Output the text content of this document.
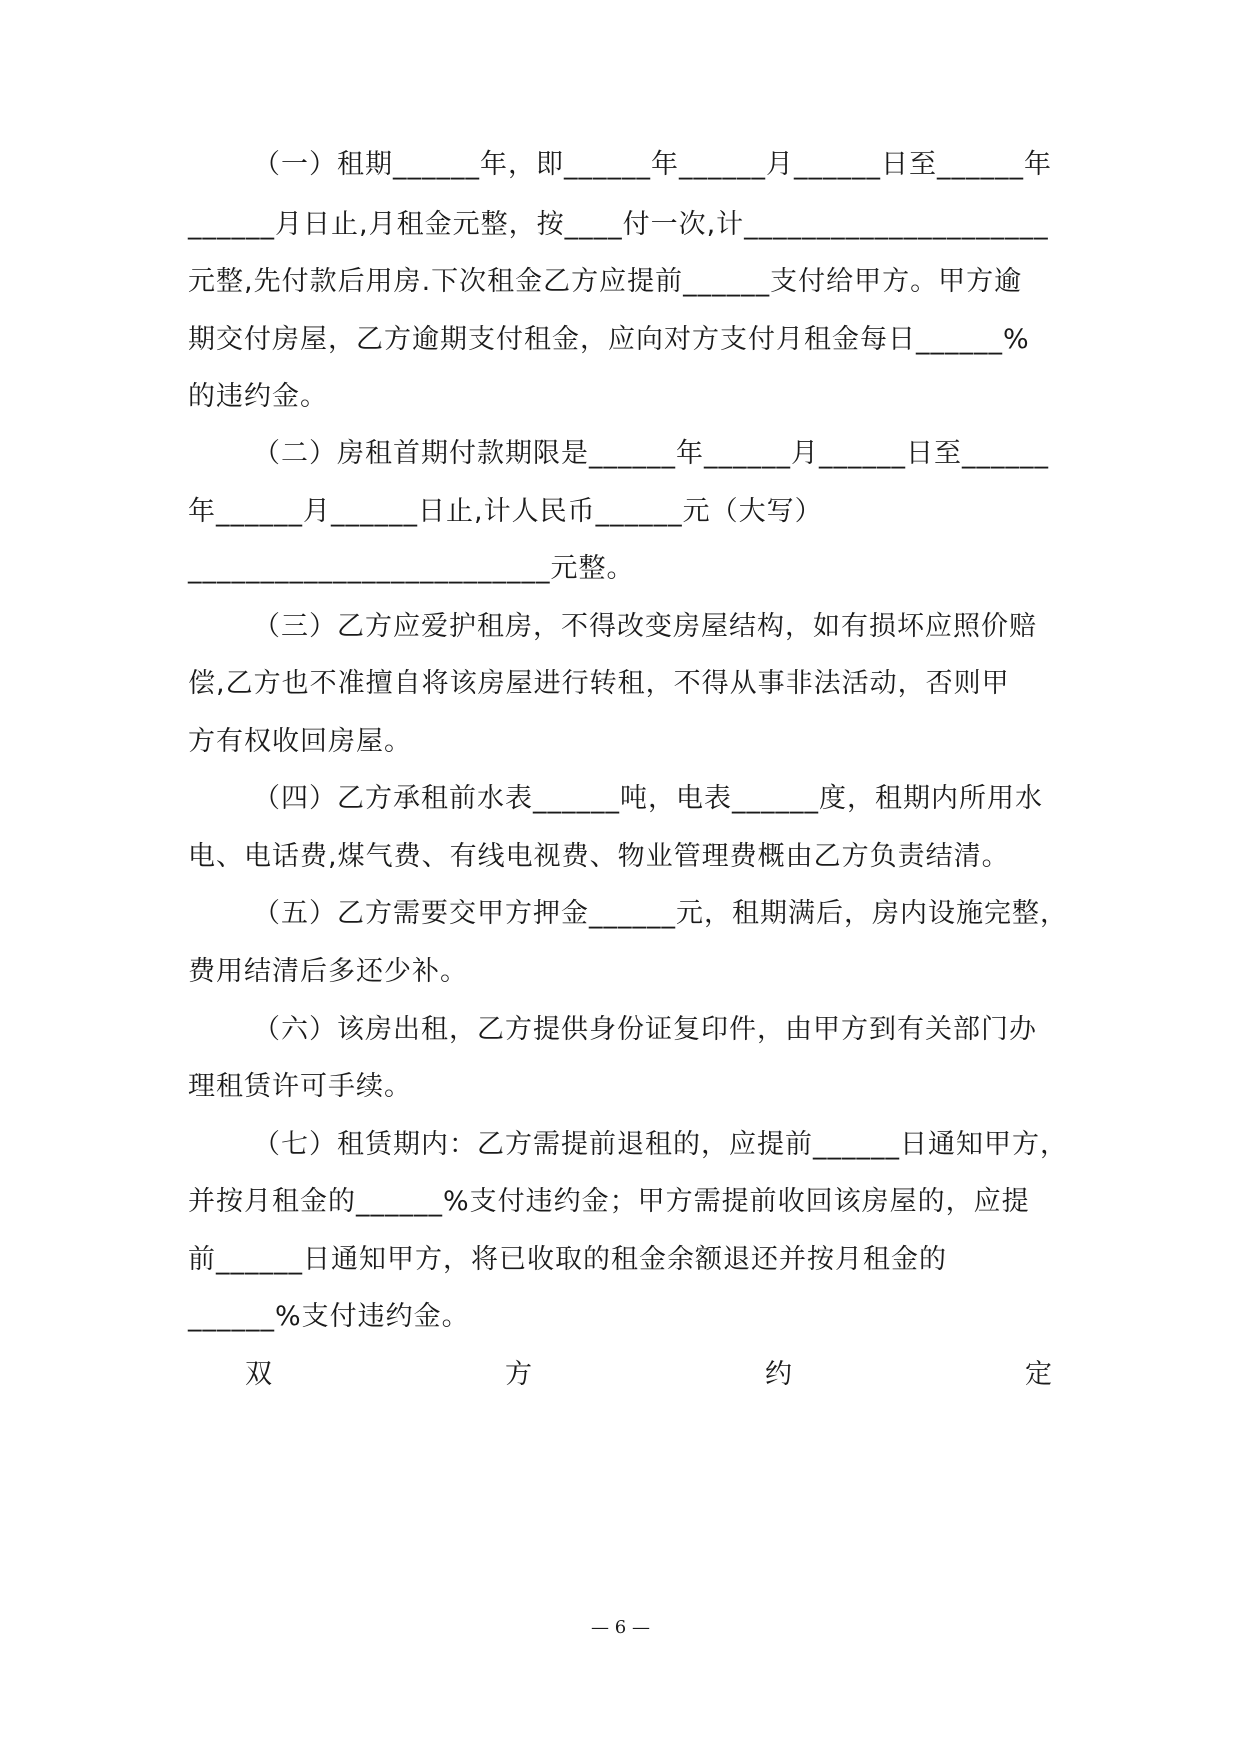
（一）租期______年，即______年______月______日至______年
______月日止,月租金元整，按____付一次,计_____________________
元整,先付款后用房.下次租金乙方应提前______支付给甲方。甲方逾
期交付房屋，乙方逾期支付租金，应向对方支付月租金每日______%
的违约金。
（二）房租首期付款期限是______年______月______日至______
年______月______日止,计人民币______元（大写）
_________________________元整。
（三）乙方应爱护租房，不得改变房屋结构，如有损坏应照价赔
偿,乙方也不准擅自将该房屋进行转租，不得从事非法活动，否则甲
方有权收回房屋。
（四）乙方承租前水表______吨，电表______度，租期内所用水
电、电话费,煤气费、有线电视费、物业管理费概由乙方负责结清。
（五）乙方需要交甲方押金______元，租期满后，房内设施完整，
费用结清后多还少补。
（六）该房出租，乙方提供身份证复印件，由甲方到有关部门办
理租赁许可手续。
（七）租赁期内：乙方需提前退租的，应提前______日通知甲方，
并按月租金的______%支付违约金；甲方需提前收回该房屋的，应提
前______日通知甲方，将已收取的租金余额退还并按月租金的
______%支付违约金。
双	方	约	定
— 6 —
